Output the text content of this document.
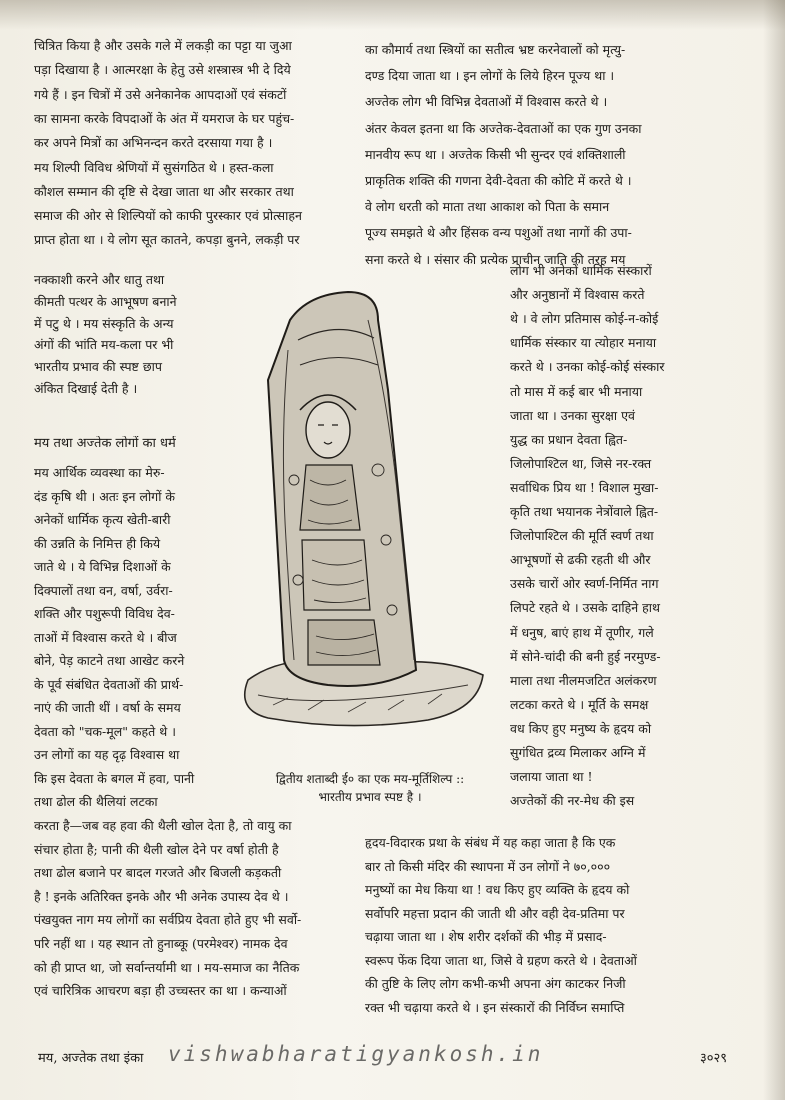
चित्रित किया है और उसके गले में लकड़ी का पट्टा या जुआ
पड़ा दिखाया है । आत्मरक्षा के हेतु उसे शस्त्रास्त्र भी दे दिये
गये हैं । इन चित्रों में उसे अनेकानेक आपदाओं एवं संकटों
का सामना करके विपदाओं के अंत में यमराज के घर पहुंच-
कर अपने मित्रों का अभिनन्दन करते दरसाया गया है ।
मय शिल्पी विविध श्रेणियों में सुसंगठित थे । हस्त-कला
कौशल सम्मान की दृष्टि से देखा जाता था और सरकार तथा
समाज की ओर से शिल्पियों को काफी पुरस्कार एवं प्रोत्साहन
प्राप्त होता था । ये लोग सूत कातने, कपड़ा बुनने, लकड़ी पर
नक्काशी करने और धातु तथा
कीमती पत्थर के आभूषण बनाने
में पटु थे । मय संस्कृति के अन्य
अंगों की भांति मय-कला पर भी
भारतीय प्रभाव की स्पष्ट छाप
अंकित दिखाई देती है ।
मय आर्थिक व्यवस्था का मेरु-
दंड कृषि थी । अतः इन लोगों के
अनेकों धार्मिक कृत्य खेती-बारी
की उन्नति के निमित्त ही किये
जाते थे । ये विभिन्न दिशाओं के
दिक्पालों तथा वन, वर्षा, उर्वरा-
शक्ति और पशुरूपी विविध देव-
ताओं में विश्वास करते थे । बीज
बोने, पेड़ काटने तथा आखेट करने
के पूर्व संबंधित देवताओं की प्रार्थ-
नाएं की जाती थीं । वर्षा के समय
देवता को "चक-मूल" कहते थे ।
उन लोगों का यह दृढ़ विश्वास था
कि इस देवता के बगल में हवा, पानी
तथा ढोल की थैलियां लटका
करता है—जब वह हवा की थैली खोल देता है, तो वायु का
संचार होता है; पानी की थैली खोल देने पर वर्षा होती है
तथा ढोल बजाने पर बादल गरजते और बिजली कड़कती
है ! इनके अतिरिक्त इनके और भी अनेक उपास्य देव थे ।
पंखयुक्त नाग मय लोगों का सर्वप्रिय देवता होते हुए भी सर्वो-
परि नहीं था । यह स्थान तो हुनाब्कू (परमेश्वर) नामक देव
को ही प्राप्त था, जो सर्वान्तर्यामी था । मय-समाज का नैतिक
एवं चारित्रिक आचरण बड़ा ही उच्चस्तर का था । कन्याओं
का कौमार्य तथा स्त्रियों का सतीत्व भ्रष्ट करनेवालों को मृत्यु-
दण्ड दिया जाता था । इन लोगों के लिये हिरन पूज्य था ।
अज्तेक लोग भी विभिन्न देवताओं में विश्वास करते थे ।
अंतर केवल इतना था कि अज्तेक-देवताओं का एक गुण उनका
मानवीय रूप था । अज्तेक किसी भी सुन्दर एवं शक्तिशाली
प्राकृतिक शक्ति की गणना देवी-देवता की कोटि में करते थे ।
वे लोग धरती को माता तथा आकाश को पिता के समान
पूज्य समझते थे और हिंसक वन्य पशुओं तथा नागों की उपा-
सना करते थे । संसार की प्रत्येक प्राचीन जाति की तरह मय
लोग भी अनेकों धार्मिक संस्कारों
और अनुष्ठानों में विश्वास करते
थे । वे लोग प्रतिमास कोई-न-कोई
धार्मिक संस्कार या त्योहार मनाया
करते थे । उनका कोई-कोई संस्कार
तो मास में कई बार भी मनाया
जाता था । उनका सुरक्षा एवं
युद्ध का प्रधान देवता ह्वित-
जिलोपाश्टिल था, जिसे नर-रक्त
सर्वाधिक प्रिय था ! विशाल मुखा-
कृति तथा भयानक नेत्रोंवाले ह्वित-
जिलोपाश्टिल की मूर्ति स्वर्ण तथा
आभूषणों से ढकी रहती थी और
उसके चारों ओर स्वर्ण-निर्मित नाग
लिपटे रहते थे । उसके दाहिने हाथ
में धनुष, बाएं हाथ में तूणीर, गले
में सोने-चांदी की बनी हुई नरमुण्ड-
माला तथा नीलमजटित अलंकरण
लटका करते थे । मूर्ति के समक्ष
वध किए हुए मनुष्य के हृदय को
सुगंधित द्रव्य मिलाकर अग्नि में
जलाया जाता था !
अज्तेकों की नर-मेध की इस
हृदय-विदारक प्रथा के संबंध में यह कहा जाता है कि एक
बार तो किसी मंदिर की स्थापना में उन लोगों ने ७०,०००
मनुष्यों का मेध किया था ! वध किए हुए व्यक्ति के हृदय को
सर्वोपरि महत्ता प्रदान की जाती थी और वही देव-प्रतिमा पर
चढ़ाया जाता था । शेष शरीर दर्शकों की भीड़ में प्रसाद-
स्वरूप फेंक दिया जाता था, जिसे वे ग्रहण करते थे । देवताओं
की तुष्टि के लिए लोग कभी-कभी अपना अंग काटकर निजी
रक्त भी चढ़ाया करते थे । इन संस्कारों की निर्विघ्न समाप्ति
मय तथा अज्तेक लोगों का धर्म
द्वितीय शताब्दी ई० का एक मय-मूर्तिशिल्प ::
भारतीय प्रभाव स्पष्ट है ।
मय, अज्तेक तथा इंका	३०२९
vishwabharatigyankosh.in
